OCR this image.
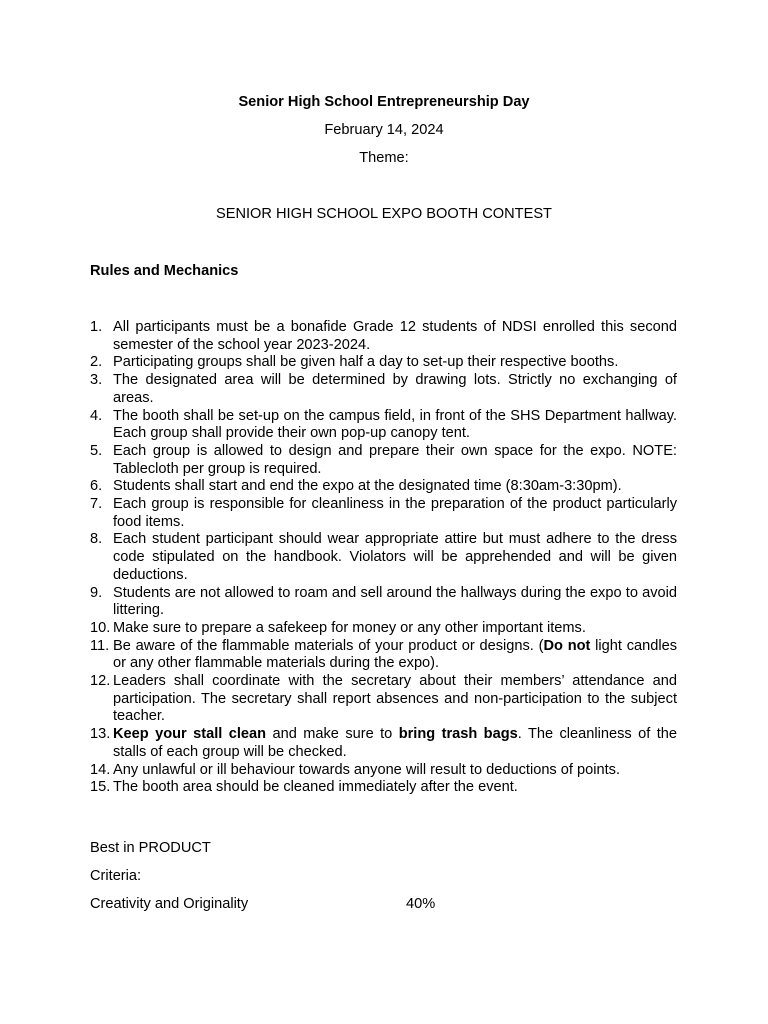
Senior High School Entrepreneurship Day
February 14, 2024
Theme:
SENIOR HIGH SCHOOL EXPO BOOTH CONTEST
Rules and Mechanics
1. All participants must be a bonafide Grade 12 students of NDSI enrolled this second semester of the school year 2023-2024.
2. Participating groups shall be given half a day to set-up their respective booths.
3. The designated area will be determined by drawing lots. Strictly no exchanging of areas.
4. The booth shall be set-up on the campus field, in front of the SHS Department hallway. Each group shall provide their own pop-up canopy tent.
5. Each group is allowed to design and prepare their own space for the expo. NOTE: Tablecloth per group is required.
6. Students shall start and end the expo at the designated time (8:30am-3:30pm).
7. Each group is responsible for cleanliness in the preparation of the product particularly food items.
8. Each student participant should wear appropriate attire but must adhere to the dress code stipulated on the handbook. Violators will be apprehended and will be given deductions.
9. Students are not allowed to roam and sell around the hallways during the expo to avoid littering.
10. Make sure to prepare a safekeep for money or any other important items.
11. Be aware of the flammable materials of your product or designs. (Do not light candles or any other flammable materials during the expo).
12. Leaders shall coordinate with the secretary about their members’ attendance and participation. The secretary shall report absences and non-participation to the subject teacher.
13. Keep your stall clean and make sure to bring trash bags. The cleanliness of the stalls of each group will be checked.
14. Any unlawful or ill behaviour towards anyone will result to deductions of points.
15. The booth area should be cleaned immediately after the event.
Best in PRODUCT
Criteria:
Creativity and Originality	40%
